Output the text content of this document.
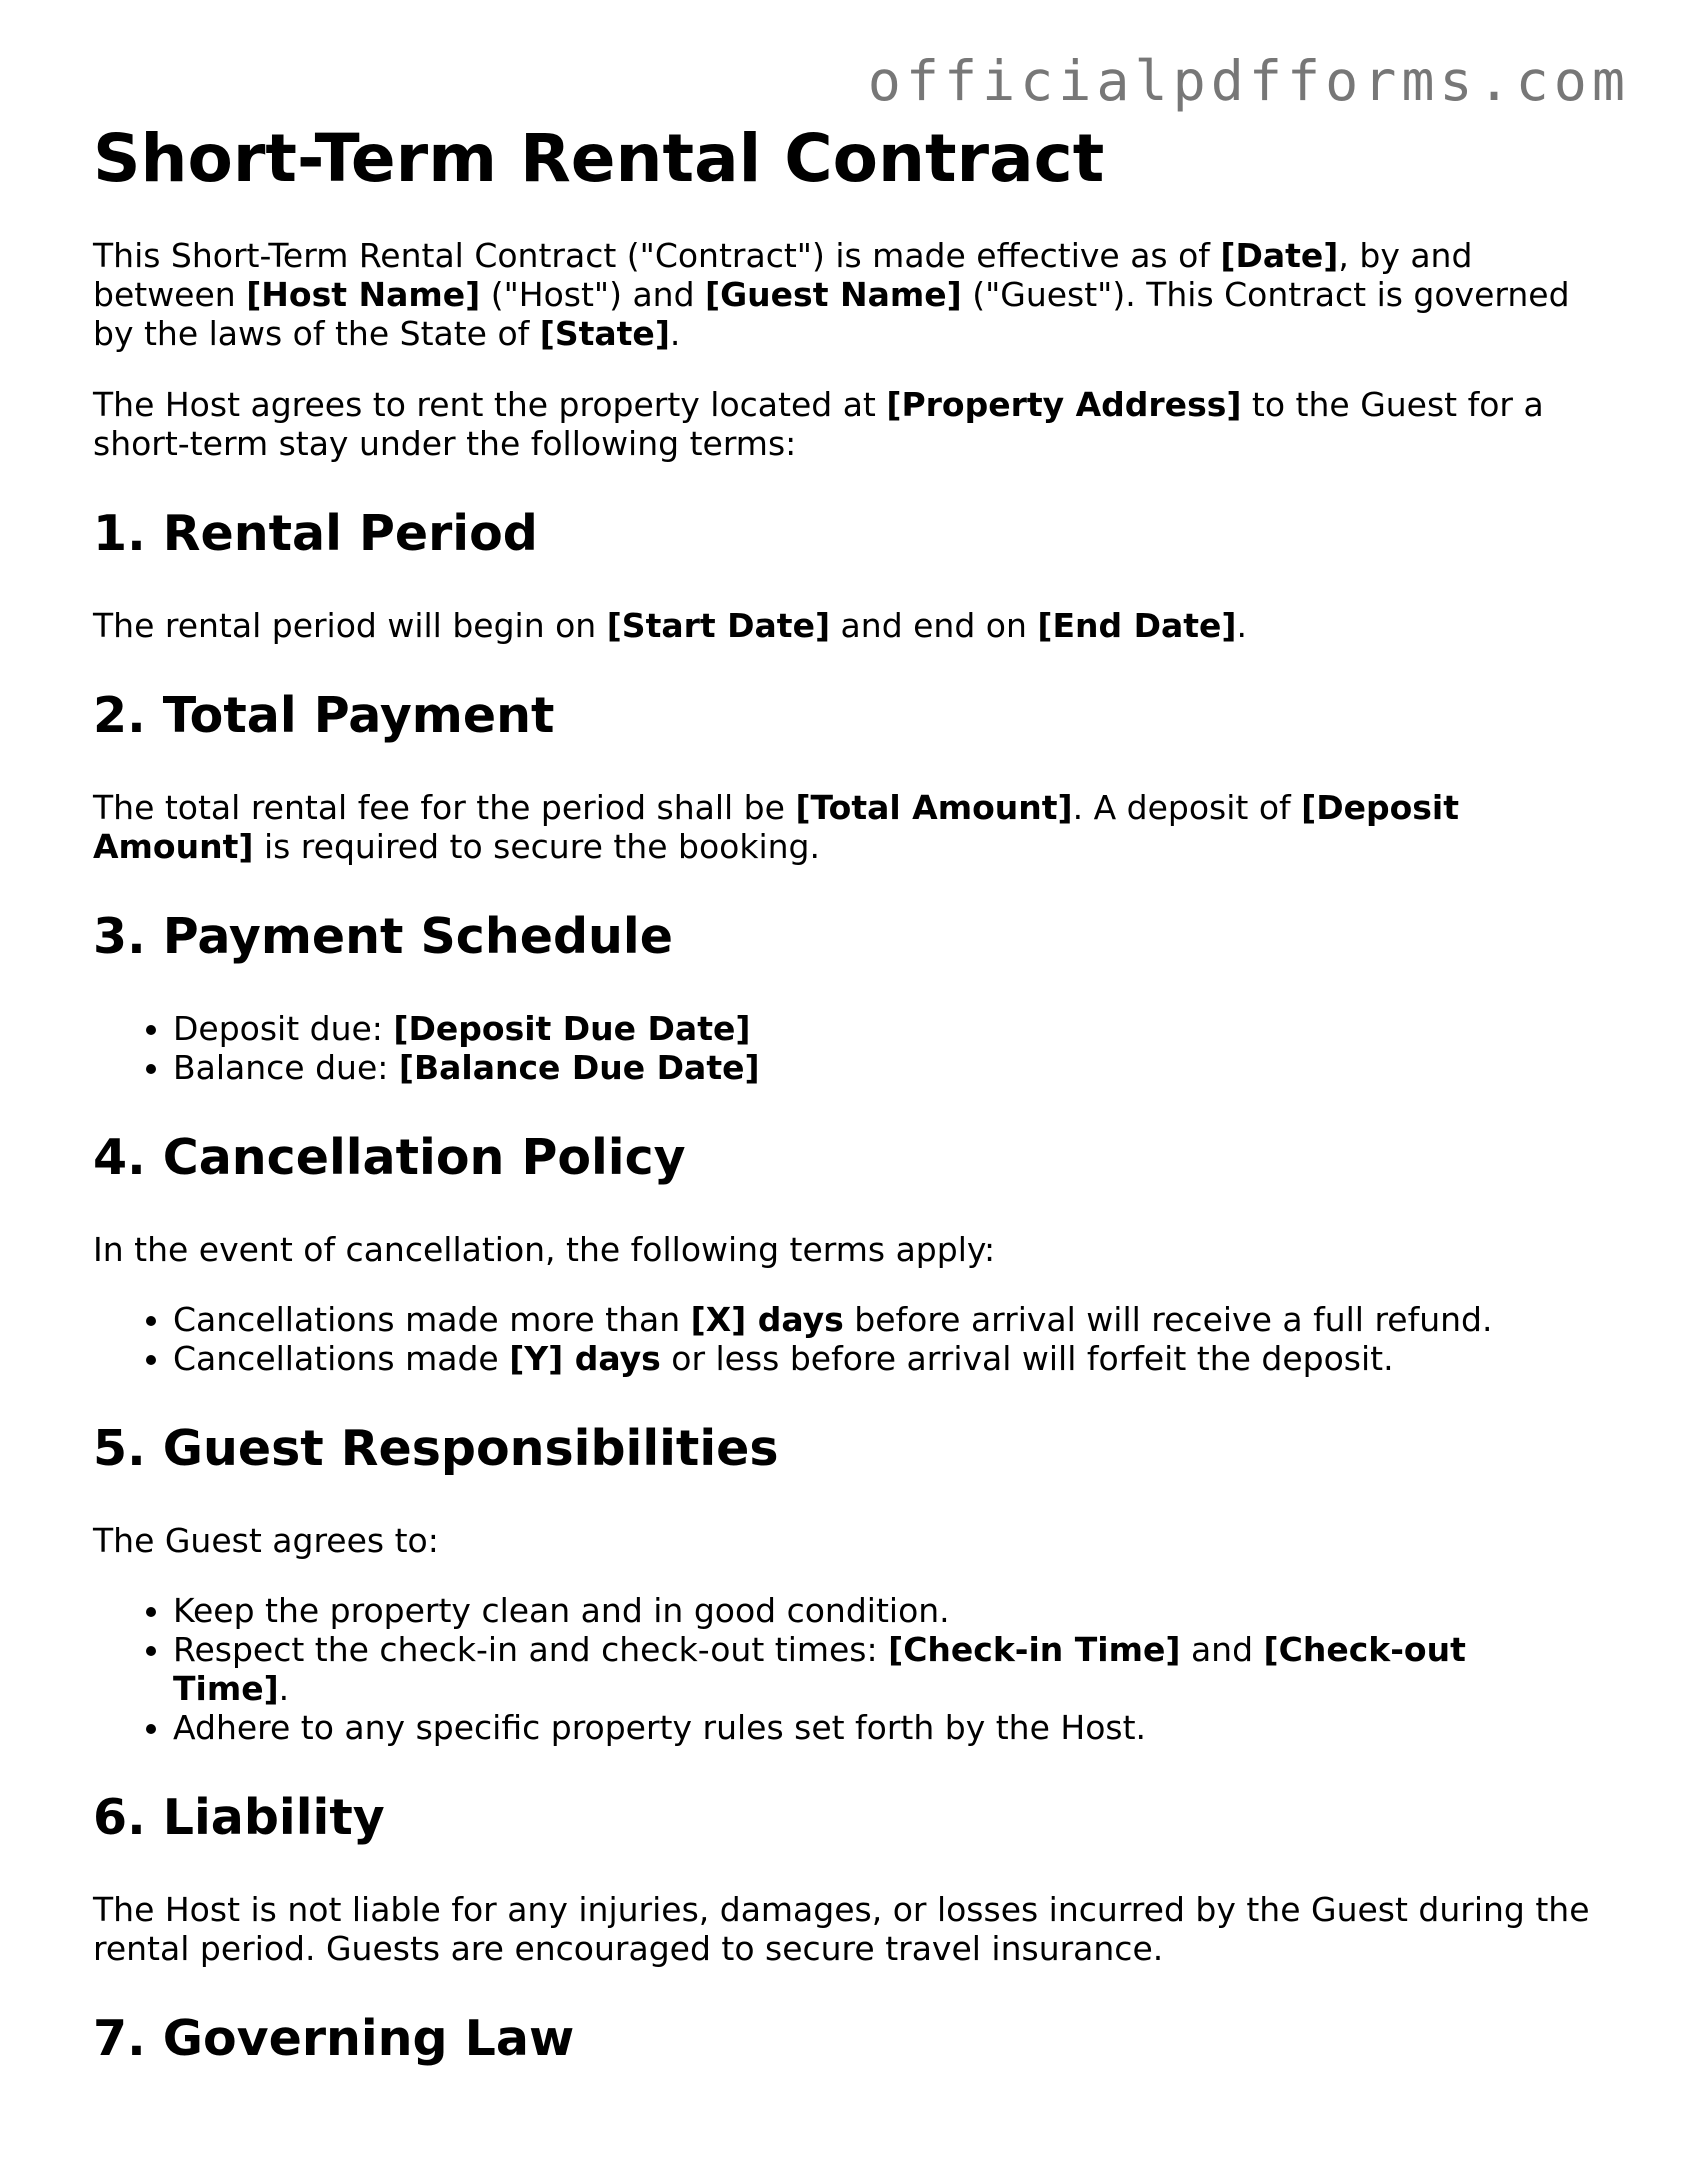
officialpdfforms.com
Short-Term Rental Contract

This Short-Term Rental Contract ("Contract") is made effective as of [Date], by and between [Host Name] ("Host") and [Guest Name] ("Guest"). This Contract is governed by the laws of the State of [State].

The Host agrees to rent the property located at [Property Address] to the Guest for a short-term stay under the following terms:

1. Rental Period

The rental period will begin on [Start Date] and end on [End Date].

2. Total Payment

The total rental fee for the period shall be [Total Amount]. A deposit of [Deposit Amount] is required to secure the booking.

3. Payment Schedule
• Deposit due: [Deposit Due Date]
• Balance due: [Balance Due Date]
4. Cancellation Policy

In the event of cancellation, the following terms apply:

• Cancellations made more than [X] days before arrival will receive a full refund.
• Cancellations made [Y] days or less before arrival will forfeit the deposit.
5. Guest Responsibilities

The Guest agrees to:

• Keep the property clean and in good condition.
• Respect the check-in and check-out times: [Check-in Time] and [Check-out Time].
• Adhere to any specific property rules set forth by the Host.
6. Liability

The Host is not liable for any injuries, damages, or losses incurred by the Guest during the rental period. Guests are encouraged to secure travel insurance.

7. Governing Law
